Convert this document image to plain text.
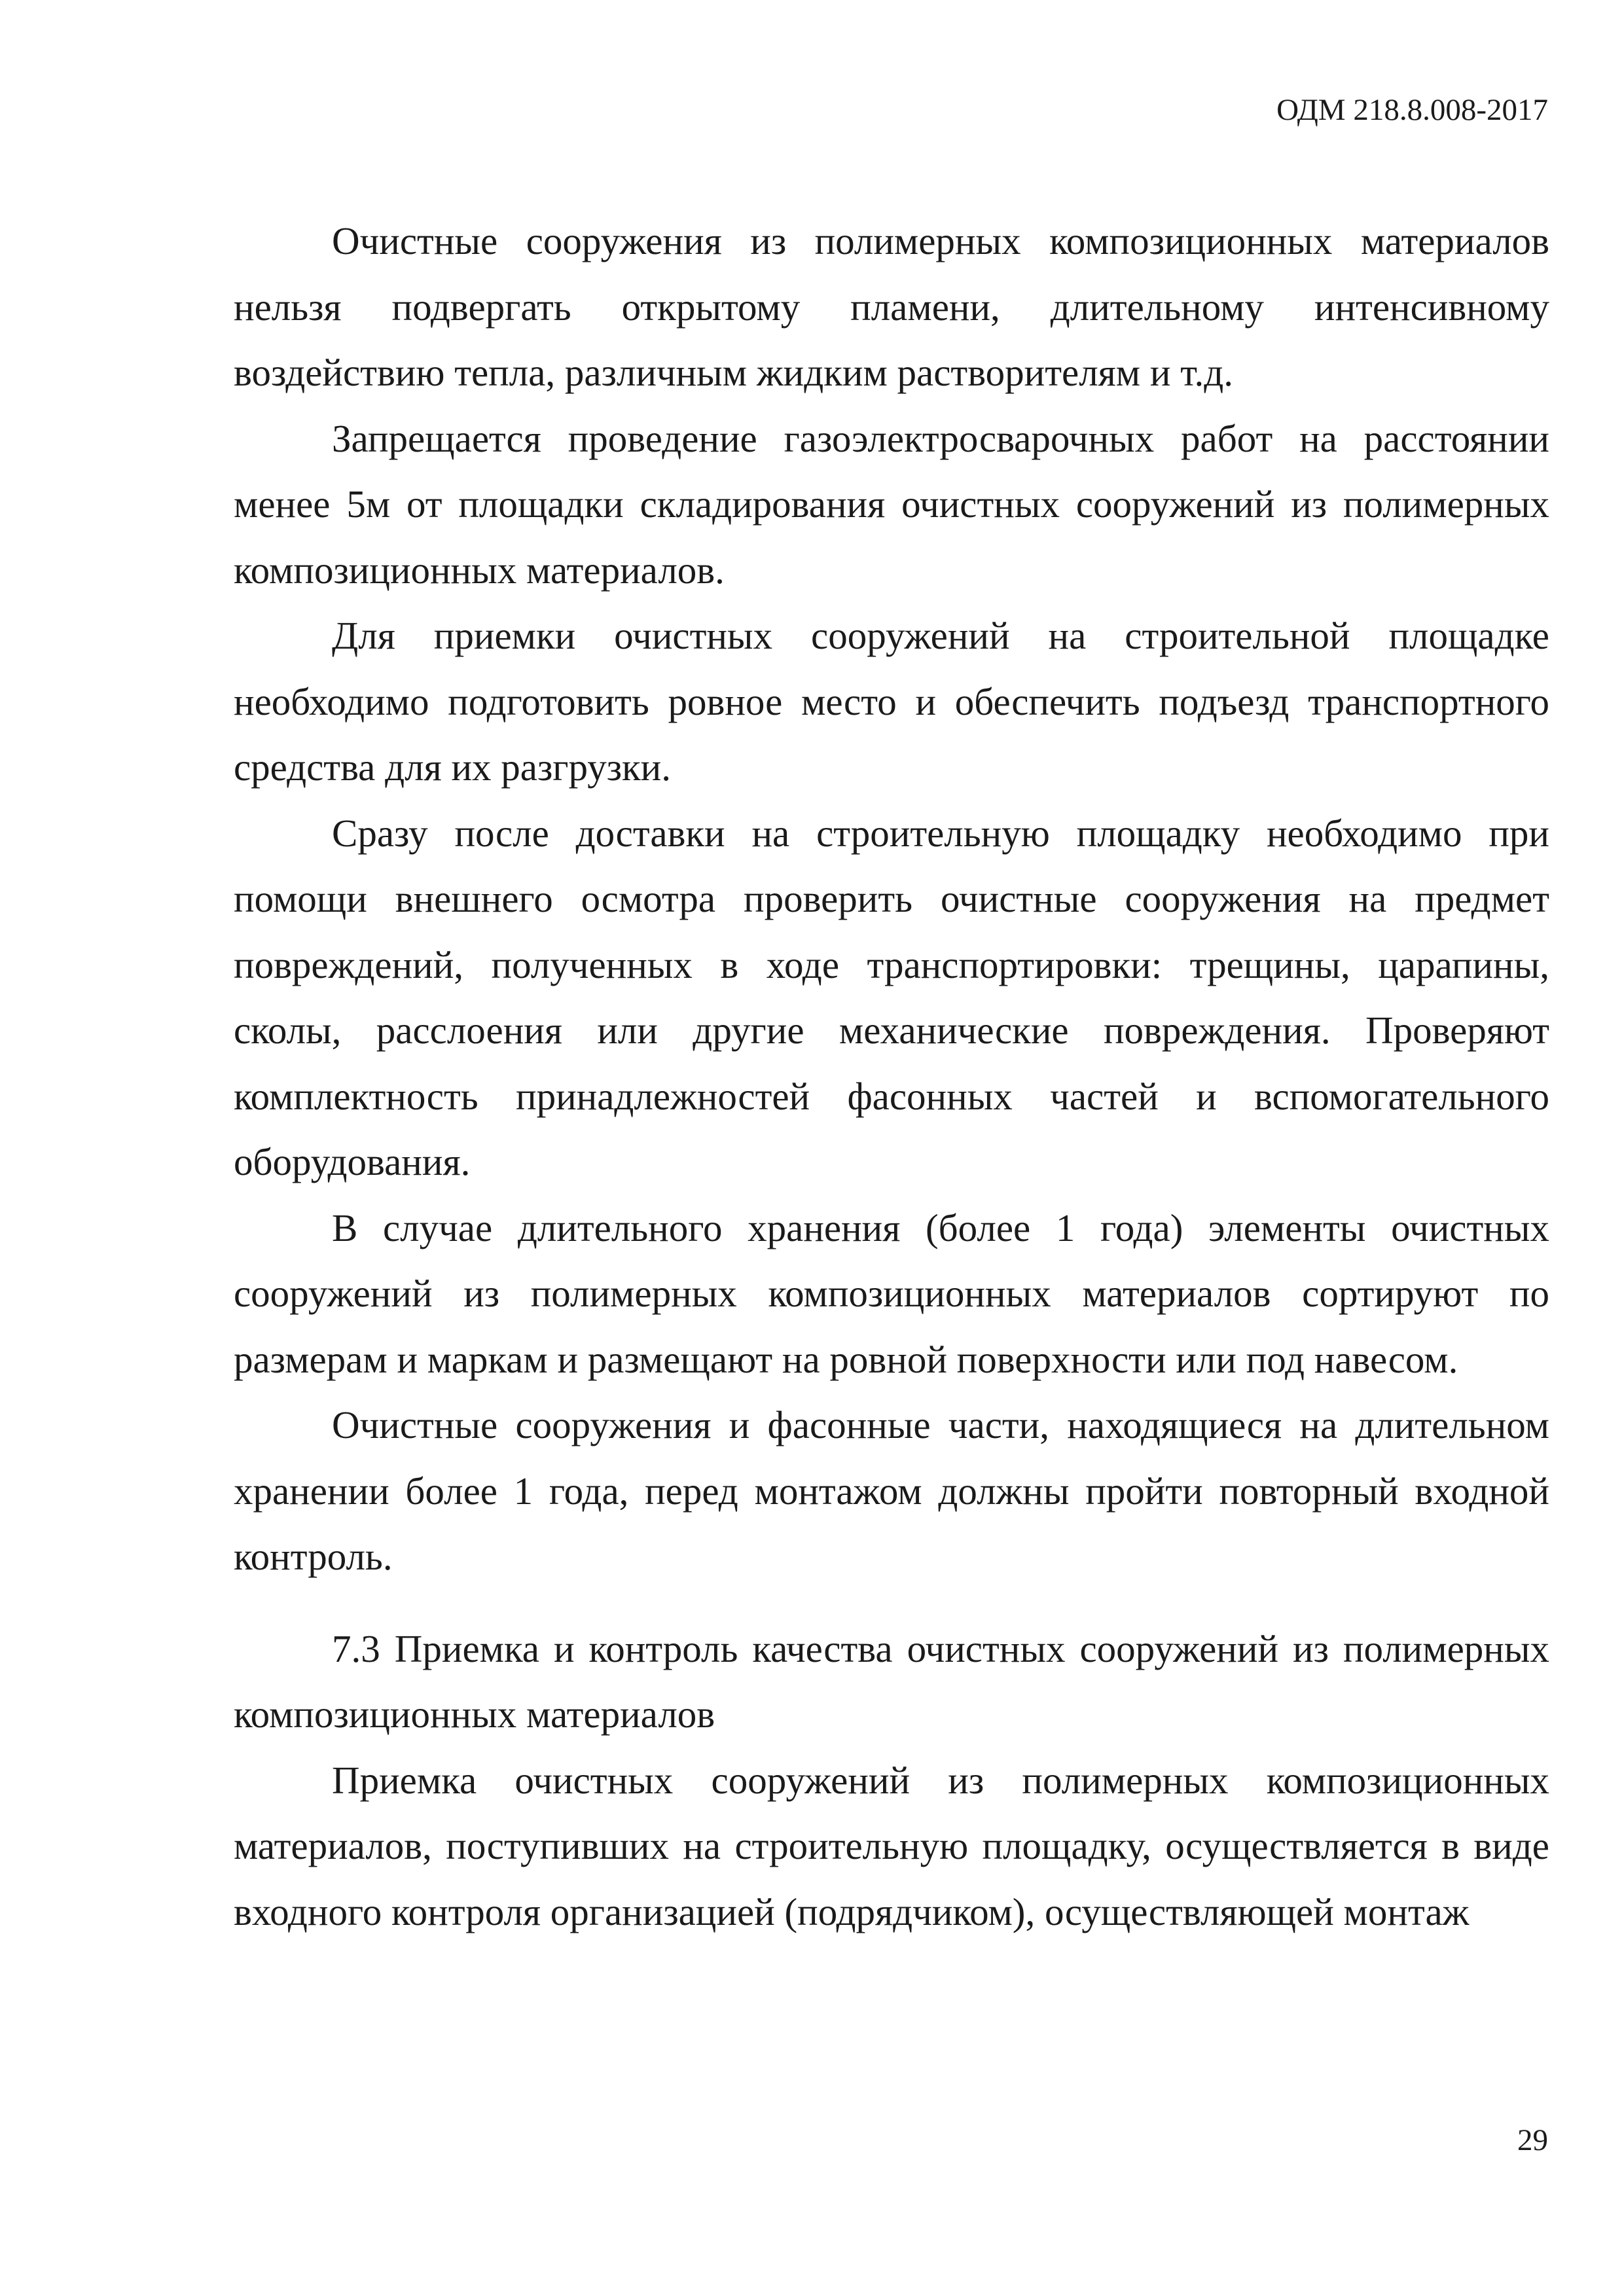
ОДМ 218.8.008-2017

Очистные сооружения из полимерных композиционных материалов нельзя подвергать открытому пламени, длительному интенсивному воздействию тепла, различным жидким растворителям и т.д.

Запрещается проведение газоэлектросварочных работ на расстоянии менее 5м от площадки складирования очистных сооружений из полимерных композиционных материалов.

Для приемки очистных сооружений на строительной площадке необходимо подготовить ровное место и обеспечить подъезд транспортного средства для их разгрузки.

Сразу после доставки на строительную площадку необходимо при помощи внешнего осмотра проверить очистные сооружения на предмет повреждений, полученных в ходе транспортировки: трещины, царапины, сколы, расслоения или другие механические повреждения. Проверяют комплектность принадлежностей фасонных частей и вспомогательного оборудования.

В случае длительного хранения (более 1 года) элементы очистных сооружений из полимерных композиционных материалов сортируют по размерам и маркам и размещают на ровной поверхности или под навесом.

Очистные сооружения и фасонные части, находящиеся на длительном хранении более 1 года, перед монтажом должны пройти повторный входной контроль.

7.3 Приемка и контроль качества очистных сооружений из полимерных композиционных материалов

Приемка очистных сооружений из полимерных композиционных материалов, поступивших на строительную площадку, осуществляется в виде входного контроля организацией (подрядчиком), осуществляющей монтаж

29
